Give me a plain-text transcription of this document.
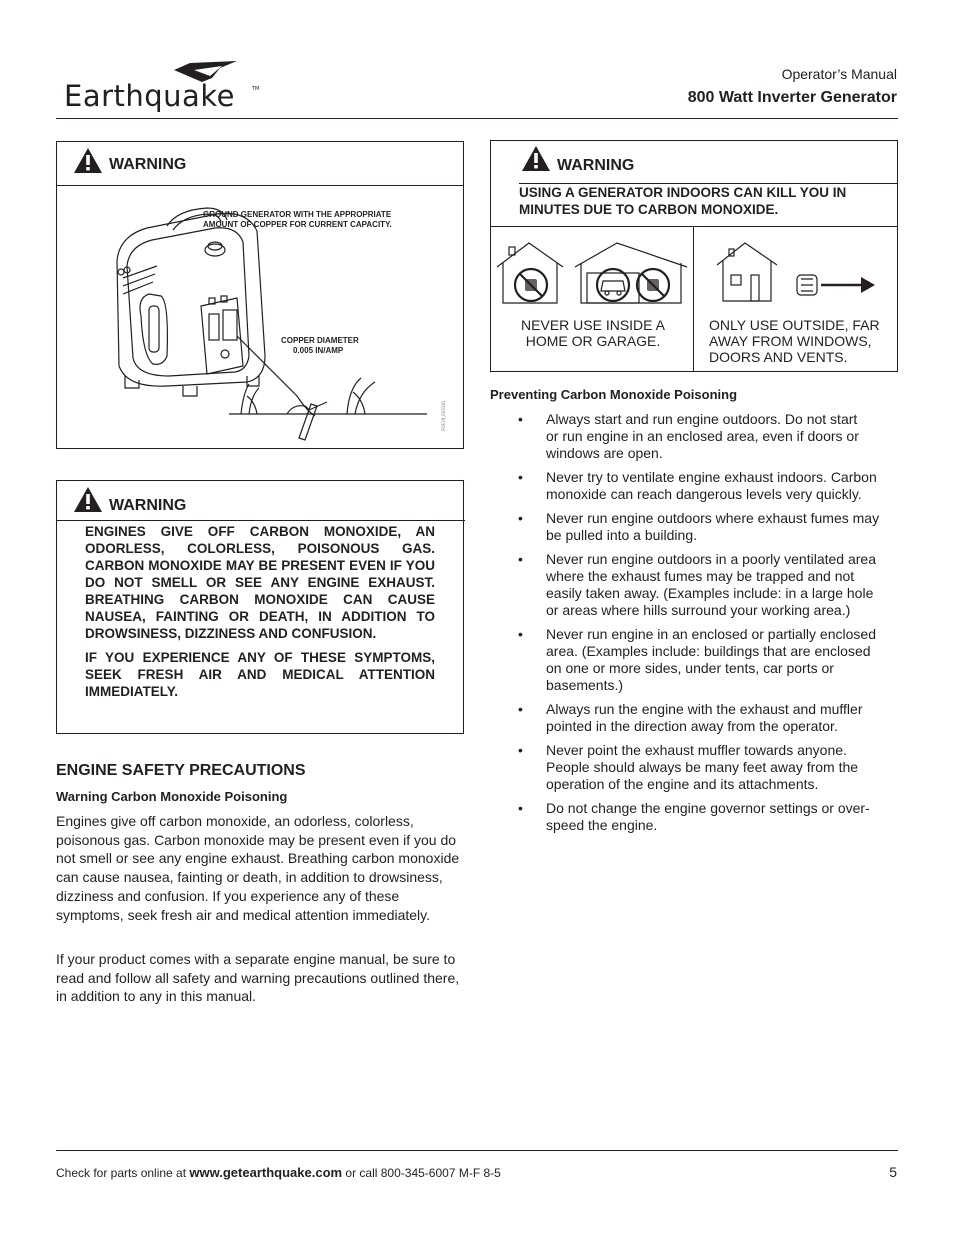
Earthquake	TM
Operator’s Manual
800 Watt Inverter Generator
WARNING
POE19_003181
GROUND GENERATOR WITH THE APPROPRIATE
AMOUNT OF COPPER FOR CURRENT CAPACITY.
COPPER DIAMETER
0.005 IN/AMP
WARNING
ENGINES GIVE OFF CARBON MONOXIDE, AN ODORLESS, COLORLESS, POISONOUS GAS. CARBON MONOXIDE MAY BE PRESENT EVEN IF YOU DO NOT SMELL OR SEE ANY ENGINE EXHAUST. BREATHING CARBON MONOXIDE CAN CAUSE NAUSEA, FAINTING OR DEATH, IN ADDITION TO DROWSINESS, DIZZINESS AND CONFUSION.
IF YOU EXPERIENCE ANY OF THESE SYMPTOMS, SEEK FRESH AIR AND MEDICAL ATTENTION IMMEDIATELY.
ENGINE SAFETY PRECAUTIONS
Warning Carbon Monoxide Poisoning
Engines give off carbon monoxide, an odorless, colorless, poisonous gas. Carbon monoxide may be present even if you do not smell or see any engine exhaust. Breathing carbon monoxide can cause nausea, fainting or death, in addition to drowsiness, dizziness and confusion. If you experience any of these symptoms, seek fresh air and medical attention immediately.
If your product comes with a separate engine manual, be sure to read and follow all safety and warning precautions outlined there, in addition to any in this manual.
WARNING
USING A GENERATOR INDOORS CAN KILL YOU IN
MINUTES DUE TO CARBON MONOXIDE.
NEVER USE INSIDE A
HOME OR GARAGE.
ONLY USE OUTSIDE, FAR
AWAY FROM WINDOWS,
DOORS AND VENTS.
Preventing Carbon Monoxide Poisoning
• Always start and run engine outdoors. Do not start
or run engine in an enclosed area, even if doors or
windows are open.
• Never try to ventilate engine exhaust indoors. Carbon
monoxide can reach dangerous levels very quickly.
• Never run engine outdoors where exhaust fumes may
be pulled into a building.
• Never run engine outdoors in a poorly ventilated area
where the exhaust fumes may be trapped and not
easily taken away. (Examples include: in a large hole
or areas where hills surround your working area.)
• Never run engine in an enclosed or partially enclosed
area. (Examples include: buildings that are enclosed
on one or more sides, under tents, car ports or
basements.)
• Always run the engine with the exhaust and muffler
pointed in the direction away from the operator.
• Never point the exhaust muffler towards anyone.
People should always be many feet away from the
operation of the engine and its attachments.
• Do not change the engine governor settings or over-
speed the engine.
Check for parts online at www.getearthquake.com or call 800-345-6007 M-F 8-5	5
